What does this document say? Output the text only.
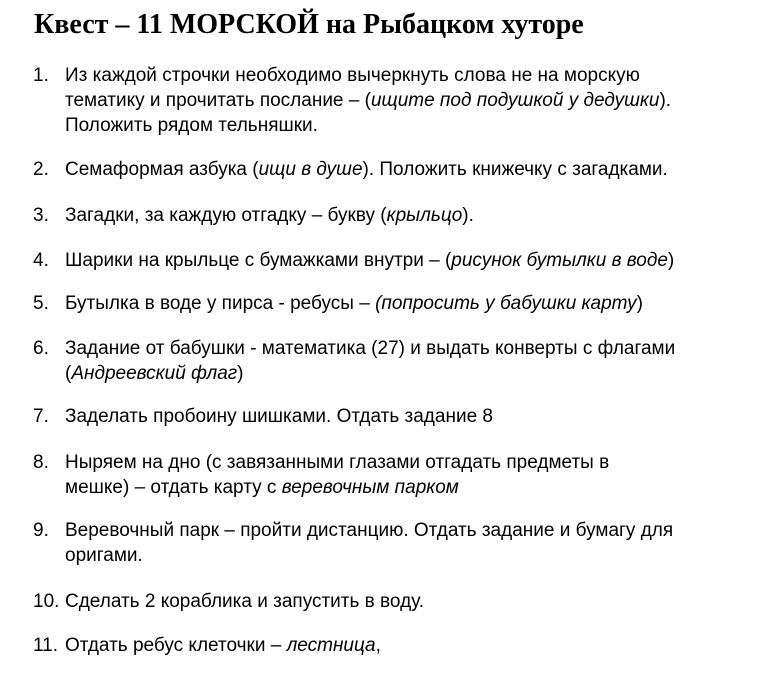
Квест – 11 МОРСКОЙ на Рыбацком хуторе
1. Из каждой строчки необходимо вычеркнуть слова не на морскую
тематику и прочитать послание – (ищите под подушкой у дедушки).
Положить рядом тельняшки.
2. Семаформая азбука (ищи в душе). Положить книжечку с загадками.
3. Загадки, за каждую отгадку – букву (крыльцо).
4. Шарики на крыльце с бумажками внутри – (рисунок бутылки в воде)
5. Бутылка в воде у пирса - ребусы – (попросить у бабушки карту)
6. Задание от бабушки - математика (27) и выдать конверты с флагами
(Андреевский флаг)
7. Заделать пробоину шишками. Отдать задание 8
8. Ныряем на дно (с завязанными глазами отгадать предметы в
мешке) – отдать карту с веревочным парком
9. Веревочный парк – пройти дистанцию. Отдать задание и бумагу для
оригами.
10. Сделать 2 кораблика и запустить в воду.
11. Отдать ребус клеточки – лестница,
